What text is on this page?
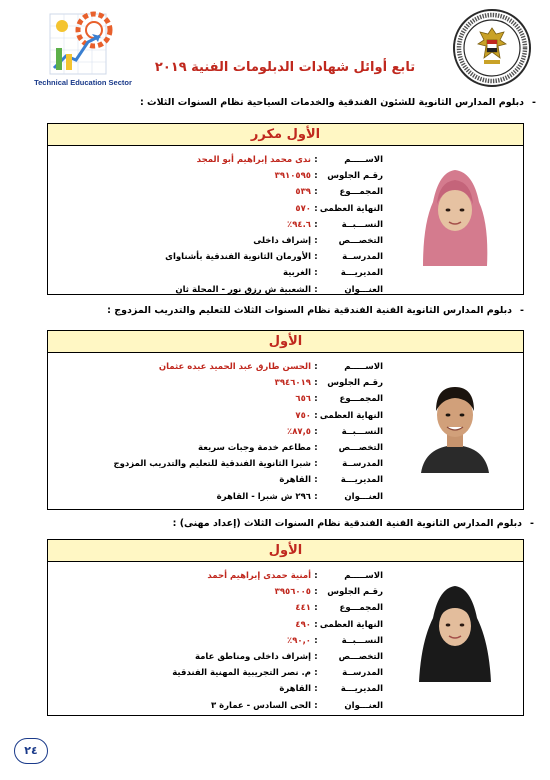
Technical Education Sector
تابع أوائل شهادات الدبلومات الفنية ٢٠١٩
-دبلوم المدارس الثانوية للشئون الفندقية والخدمات السياحية نظام السنوات الثلاث :
الأول مكرر
الاســـــم
:
ندى محمد إبراهيم أبو المجد
رقـم الجلوس
:
٣٩١٠٥٩٥
المجمـــوع
:
٥٣٩
النهاية العظمى
:
٥٧٠
النســـبــة
:
٩٤.٦٪
التخصـــص
:
إشراف داخلى
المدرســة
:
الأورمان الثانوية الفندقية بأشناواى
المديريـــة
:
الغربية
العنـــوان
:
الشعبية ش رزق نور - المحلة ثان
-دبلوم المدارس الثانوية الفنية الفندقية نظام السنوات الثلاث للتعليم والتدريب المزدوج :
الأول
الاســـــم
:
الحسن طارق عبد الحميد عبده عثمان
رقـم الجلوس
:
٣٩٤٦٠١٩
المجمـــوع
:
٦٥٦
النهاية العظمى
:
٧٥٠
النســـبــة
:
٨٧,٥٪
التخصـــص
:
مطاعم خدمة وجبات سريعة
المدرســة
:
شبرا الثانوية الفندقية للتعليم والتدريب المزدوج
المديريـــة
:
القاهرة
العنـــوان
:
٢٩٦ ش شبرا - القاهرة
-دبلوم المدارس الثانوية الفنية الفندقية نظام السنوات الثلاث (إعداد مهنى) :
الأول
الاســـــم
:
أمنية حمدى إبراهيم أحمد
رقـم الجلوس
:
٣٩٥٦٠٠٥
المجمـــوع
:
٤٤١
النهاية العظمى
:
٤٩٠
النســـبــة
:
٩٠,٠٪
التخصـــص
:
إشراف داخلى ومناطق عامة
المدرســة
:
م. نصر التجريبية المهنية الفندقية
المديريـــة
:
القاهرة
العنـــوان
:
الحى السادس - عمارة ٣
٢٤
